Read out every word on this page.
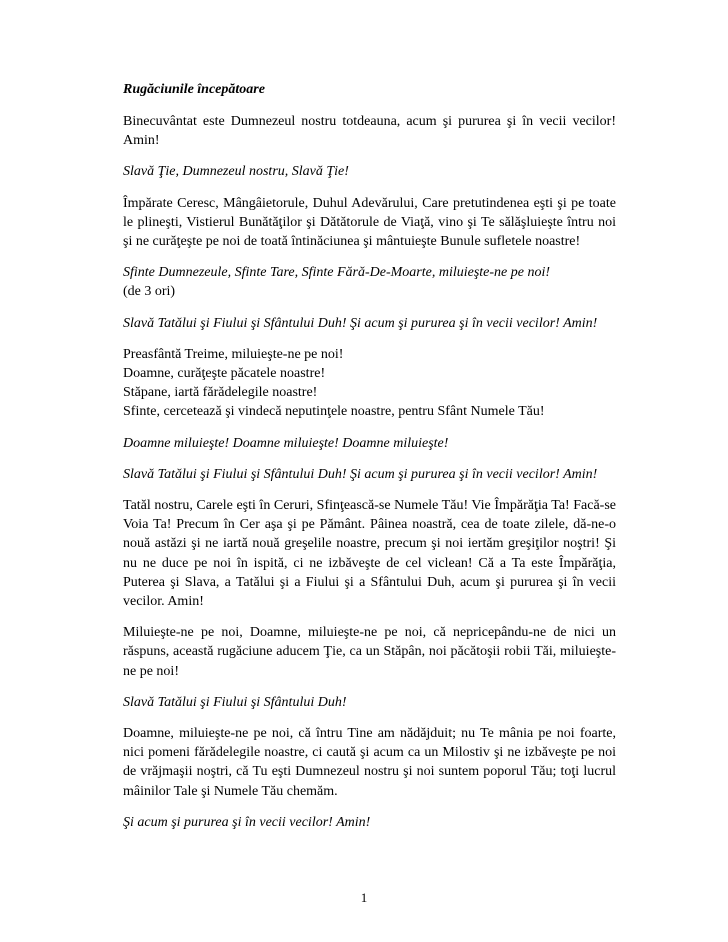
Rugăciunile începătoare

Binecuvântat este Dumnezeul nostru totdeauna, acum şi pururea şi în vecii vecilor! Amin!

Slavă Ţie, Dumnezeul nostru, Slavă Ţie!

Împărate Ceresc, Mângâietorule, Duhul Adevărului, Care pretutindenea eşti şi pe toate le plineşti, Vistierul Bunătăţilor şi Dătătorule de Viaţă, vino şi Te sălăşluieşte întru noi şi ne curăţeşte pe noi de toată întinăciunea şi mântuieşte Bunule sufletele noastre!

Sfinte Dumnezeule, Sfinte Tare, Sfinte Fără-De-Moarte, miluieşte-ne pe noi!
(de 3 ori)

Slavă Tatălui şi Fiului şi Sfântului Duh! Şi acum şi pururea şi în vecii vecilor! Amin!

Preasfântă Treime, miluieşte-ne pe noi!
Doamne, curăţeşte păcatele noastre!
Stăpane, iartă fărădelegile noastre!
Sfinte, cercetează şi vindecă neputinţele noastre, pentru Sfânt Numele Tău!

Doamne miluieşte! Doamne miluieşte! Doamne miluieşte!

Slavă Tatălui şi Fiului şi Sfântului Duh! Şi acum şi pururea şi în vecii vecilor! Amin!

Tatăl nostru, Carele eşti în Ceruri, Sfinţească-se Numele Tău! Vie Împărăţia Ta! Facă-se Voia Ta! Precum în Cer aşa şi pe Pământ. Pâinea noastră, cea de toate zilele, dă-ne-o nouă astăzi şi ne iartă nouă greşelile noastre, precum şi noi iertăm greşiţilor noştri! Şi nu ne duce pe noi în ispită, ci ne izbăveşte de cel viclean! Că a Ta este Împărăţia, Puterea şi Slava, a Tatălui şi a Fiului şi a Sfântului Duh, acum şi pururea şi în vecii vecilor. Amin!

Miluieşte-ne pe noi, Doamne, miluieşte-ne pe noi, că nepricepându-ne de nici un răspuns, această rugăciune aducem Ţie, ca un Stăpân, noi păcătoşii robii Tăi, miluieşte-ne pe noi!

Slavă Tatălui şi Fiului şi Sfântului Duh!

Doamne, miluieşte-ne pe noi, că întru Tine am nădăjduit; nu Te mânia pe noi foarte, nici pomeni fărădelegile noastre, ci caută şi acum ca un Milostiv şi ne izbăveşte pe noi de vrăjmaşii noştri, că Tu eşti Dumnezeul nostru şi noi suntem poporul Tău; toţi lucrul mâinilor Tale şi Numele Tău chemăm.

Şi acum şi pururea şi în vecii vecilor! Amin!

1
